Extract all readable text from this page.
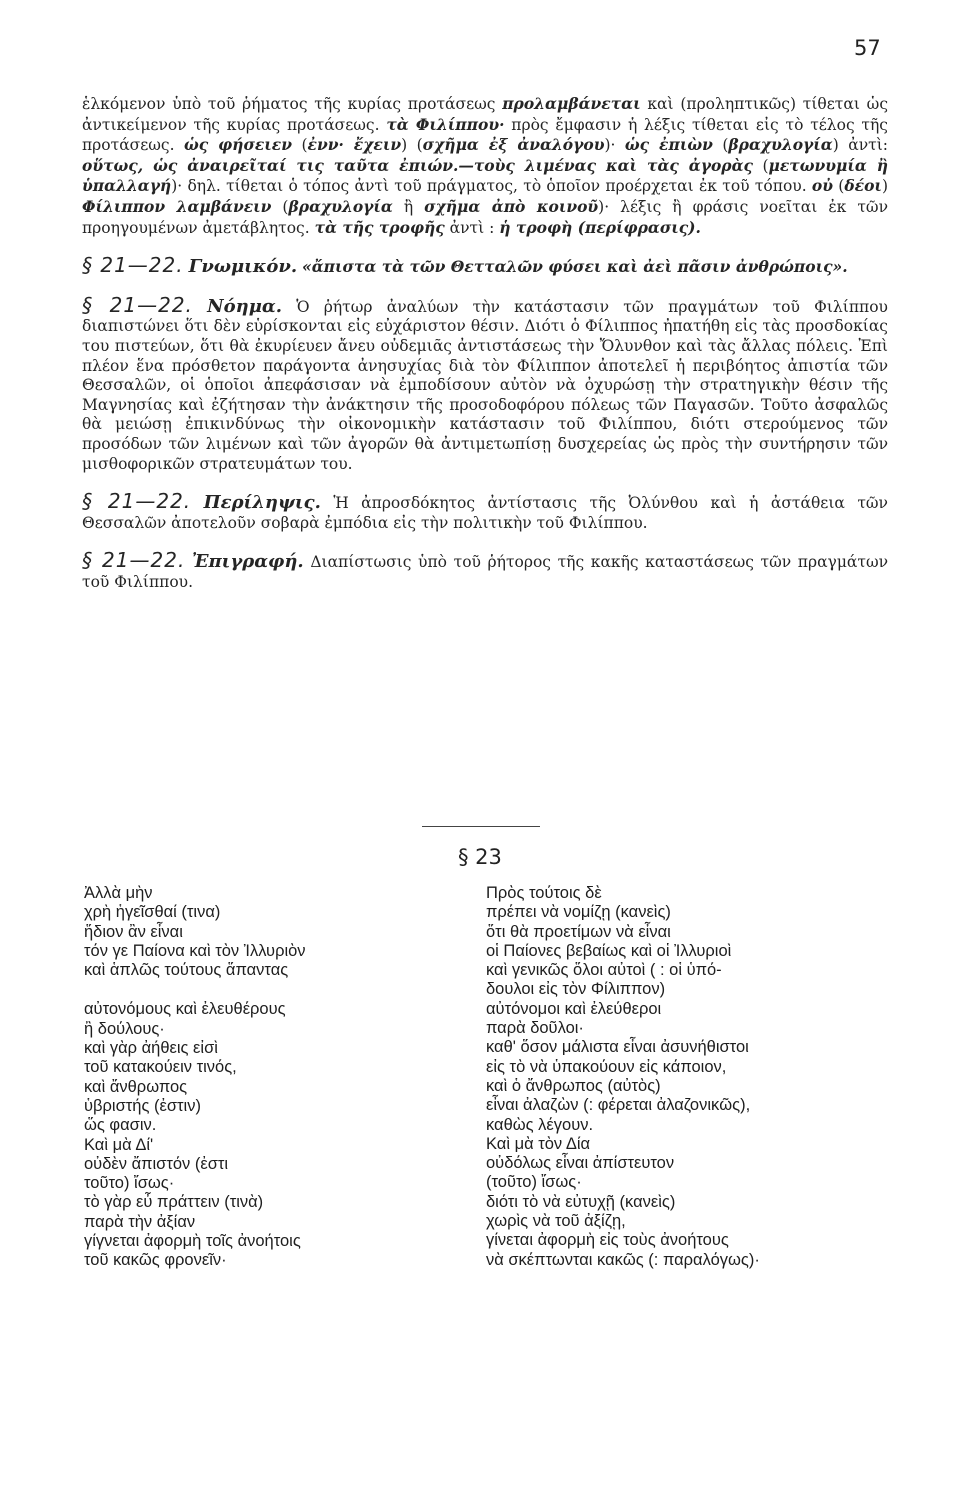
57

ἑλκόμενον ὑπὸ τοῦ ῥήματος τῆς κυρίας προτάσεως προλαμβάνεται καὶ (προληπτικῶς) τίθεται ὡς ἀντικείμενον τῆς κυρίας προτάσεως. τὰ Φιλίππου· πρὸς ἔμφασιν ἡ λέξις τίθεται εἰς τὸ τέλος τῆς προτάσεως. ὡς φήσειεν (ἐνν· ἔχειν) (σχῆμα ἐξ ἀναλόγου)· ὡς ἐπιὼν (βραχυλογία) ἀντὶ: οὕτως, ὡς ἀναιρεῖταί τις ταῦτα ἐπιών.—τοὺς λιμένας καὶ τὰς ἀγορὰς (μετωνυμία ἢ ὑπαλλαγή)· δηλ. τίθεται ὁ τόπος ἀντὶ τοῦ πράγματος, τὸ ὁποῖον προέρχεται ἐκ τοῦ τόπου. οὐ (δέοι) Φίλιππον λαμβάνειν (βραχυλογία ἢ σχῆμα ἀπὸ κοινοῦ)· λέξις ἢ φράσις νοεῖται ἐκ τῶν προηγουμένων ἀμετάβλητος. τὰ τῆς τροφῆς ἀντὶ : ἡ τροφὴ (περίφρασις).

§ 21—22. Γνωμικόν. «ἄπιστα τὰ τῶν Θετταλῶν φύσει καὶ ἀεὶ πᾶσιν ἀνθρώποις».

§ 21—22. Νόημα. Ὁ ῥήτωρ ἀναλύων τὴν κατάστασιν τῶν πραγμάτων τοῦ Φιλίππου διαπιστώνει ὅτι δὲν εὑρίσκονται εἰς εὐχάριστον θέσιν. Διότι ὁ Φίλιππος ἠπατήθη εἰς τὰς προσδοκίας του πιστεύων, ὅτι θὰ ἐκυρίευεν ἄνευ οὐδεμιᾶς ἀντιστάσεως τὴν Ὄλυνθον καὶ τὰς ἄλλας πόλεις. Ἐπὶ πλέον ἕνα πρόσθετον παράγοντα ἀνησυχίας διὰ τὸν Φίλιππον ἀποτελεῖ ἡ περιβόητος ἀπιστία τῶν Θεσσαλῶν, οἱ ὁποῖοι ἀπεφάσισαν νὰ ἐμποδίσουν αὐτὸν νὰ ὀχυρώσῃ τὴν στρατηγικὴν θέσιν τῆς Μαγνησίας καὶ ἐζήτησαν τὴν ἀνάκτησιν τῆς προσοδοφόρου πόλεως τῶν Παγασῶν. Τοῦτο ἀσφαλῶς θὰ μειώσῃ ἐπικινδύνως τὴν οἰκονομικὴν κατάστασιν τοῦ Φιλίππου, διότι στερούμενος τῶν προσόδων τῶν λιμένων καὶ τῶν ἀγορῶν θὰ ἀντιμετωπίσῃ δυσχερείας ὡς πρὸς τὴν συντήρησιν τῶν μισθοφορικῶν στρατευμάτων του.

§ 21—22. Περίληψις. Ἡ ἀπροσδόκητος ἀντίστασις τῆς Ὀλύνθου καὶ ἡ ἀστάθεια τῶν Θεσσαλῶν ἀποτελοῦν σοβαρὰ ἐμπόδια εἰς τὴν πολιτικὴν τοῦ Φιλίππου.

§ 21—22. Ἐπιγραφή. Διαπίστωσις ὑπὸ τοῦ ῥήτορος τῆς κακῆς καταστάσεως τῶν πραγμάτων τοῦ Φιλίππου.

§ 23
Ἀλλὰ μὴν
χρὴ ἡγεῖσθαί (τινα)
ἥδιον ἂν εἶναι
τόν γε Παίονα καὶ τὸν Ἰλλυριὸν
καὶ ἁπλῶς τούτους ἅπαντας
αὐτονόμους καὶ ἐλευθέρους
ἢ δούλους·
καὶ γὰρ ἀήθεις εἰσὶ
τοῦ κατακούειν τινός,
καὶ ἄνθρωπος
ὑβριστής (ἐστιν)
ὥς φασιν.
Καὶ μὰ Δί'
οὐδὲν ἄπιστόν (ἐστι
τοῦτο) ἴσως·
τὸ γὰρ εὖ πράττειν (τινὰ)
παρὰ τὴν ἀξίαν
γίγνεται ἀφορμὴ τοῖς ἀνοήτοις
τοῦ κακῶς φρονεῖν·
Πρὸς τούτοις δὲ
πρέπει νὰ νομίζῃ (κανεὶς)
ὅτι θὰ προετίμων νὰ εἶναι
οἱ Παίονες βεβαίως καὶ οἱ Ἰλλυριοὶ
καὶ γενικῶς ὅλοι αὐτοὶ ( : οἱ ὑπό-
δουλοι εἰς τὸν Φίλιππον)
αὐτόνομοι καὶ ἐλεύθεροι
παρὰ δοῦλοι·
καθ' ὅσον μάλιστα εἶναι ἀσυνήθιστοι
εἰς τὸ νὰ ὑπακούουν εἰς κάποιον,
καὶ ὁ ἄνθρωπος (αὐτὸς)
εἶναι ἀλαζὼν (: φέρεται ἀλαζονικῶς),
καθὼς λέγουν.
Καὶ μὰ τὸν Δία
οὐδόλως εἶναι ἀπίστευτον
(τοῦτο) ἴσως·
διότι τὸ νὰ εὐτυχῇ (κανεὶς)
χωρὶς νὰ τοῦ ἀξίζῃ,
γίνεται ἀφορμὴ εἰς τοὺς ἀνοήτους
νὰ σκέπτωνται κακῶς (: παραλόγως)·
